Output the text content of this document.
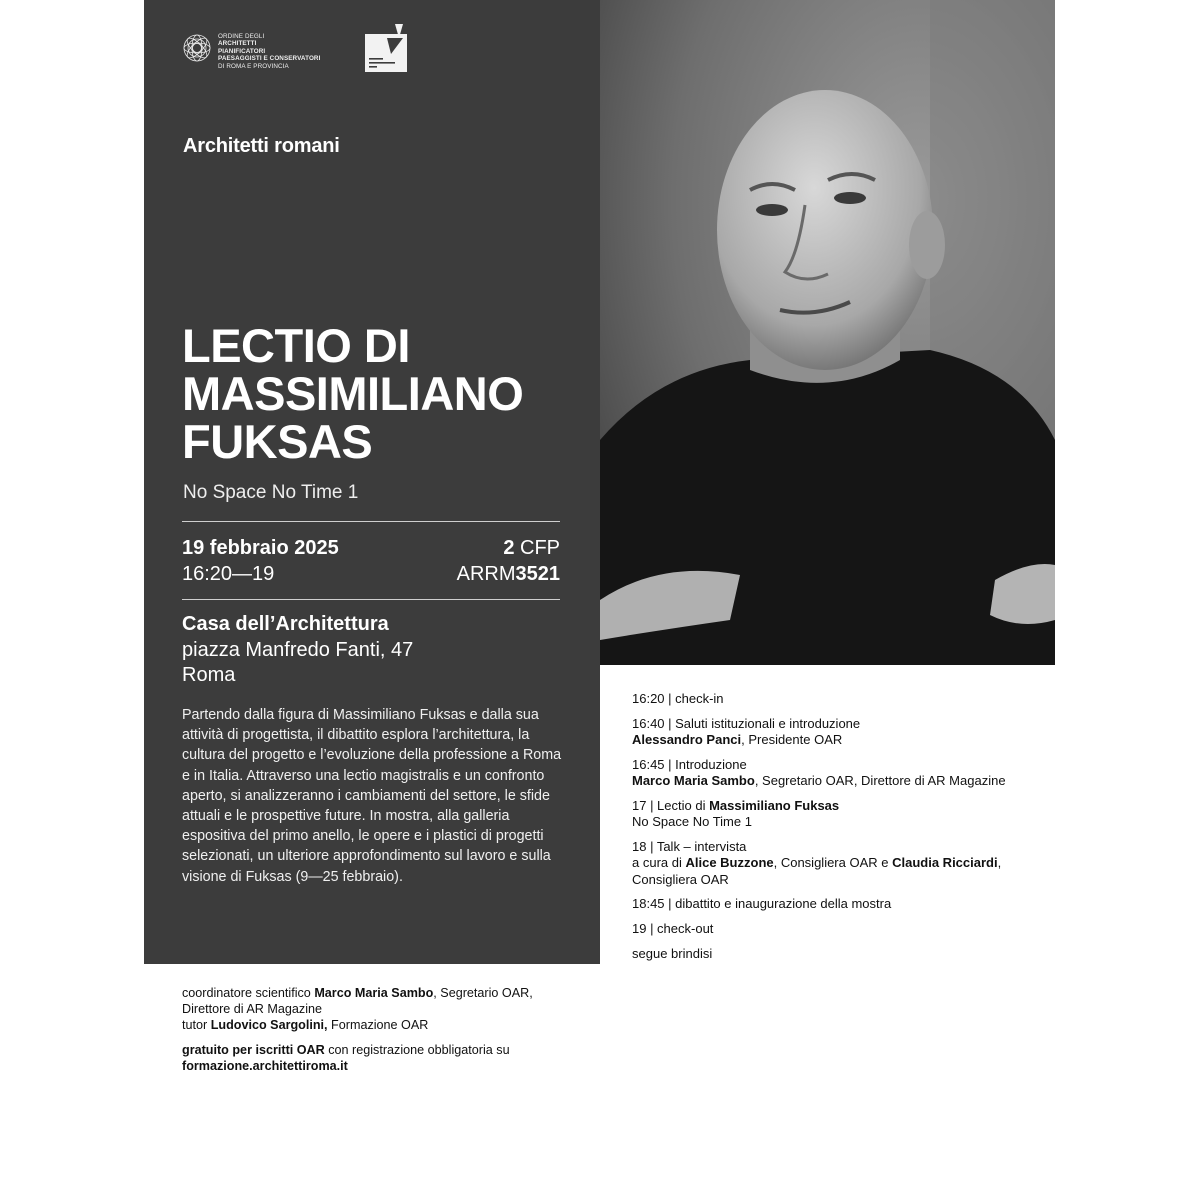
ORDINE DEGLI
ARCHITETTI
PIANIFICATORI
PAESAGGISTI E CONSERVATORI
DI ROMA E PROVINCIA
Architetti romani
LECTIO DI
MASSIMILIANO
FUKSAS
No Space No Time 1
19 febbraio 2025
16:20—19
2 CFP
ARRM3521
Casa dell’Architettura
piazza Manfredo Fanti, 47
Roma
Partendo dalla figura di Massimiliano Fuksas e dalla sua attività di progettista, il dibattito esplora l’architettura, la cultura del progetto e l’evoluzione della professione a Roma e in Italia. Attraverso una lectio magistralis e un confronto aperto, si analizzeranno i cambiamenti del settore, le sfide attuali e le prospettive future. In mostra, alla galleria espositiva del primo anello, le opere e i plastici di progetti selezionati, un ulteriore approfondimento sul lavoro e sulla visione di Fuksas (9—25 febbraio).
16:20 | check-in
16:40 | Saluti istituzionali e introduzione
Alessandro Panci, Presidente OAR
16:45 | Introduzione
Marco Maria Sambo, Segretario OAR, Direttore di AR Magazine
17 | Lectio di Massimiliano Fuksas
No Space No Time 1
18 | Talk – intervista
a cura di Alice Buzzone, Consigliera OAR e Claudia Ricciardi,
Consigliera OAR
18:45 | dibattito e inaugurazione della mostra
19 | check-out
segue brindisi

coordinatore scientifico Marco Maria Sambo, Segretario OAR,
Direttore di AR Magazine
tutor Ludovico Sargolini, Formazione OAR

gratuito per iscritti OAR con registrazione obbligatoria su
formazione.architettiroma.it
